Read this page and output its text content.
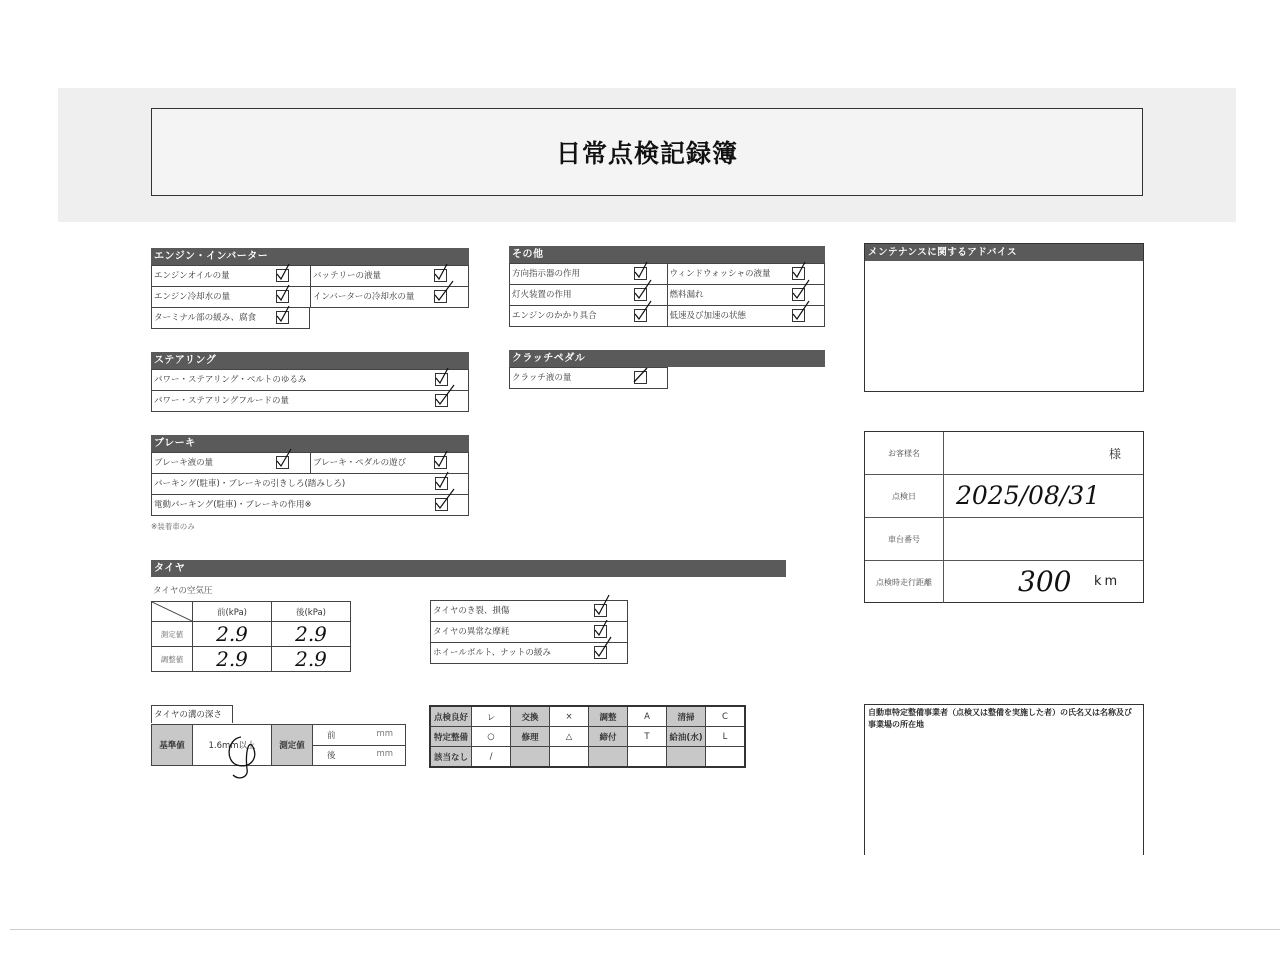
日常点検記録簿
エンジン・インバーター
エンジンオイルの量	バッテリーの液量
エンジン冷却水の量	インバーターの冷却水の量
ターミナル部の緩み、腐食
その他
方向指示器の作用	ウィンドウォッシャの液量
灯火装置の作用	燃料漏れ
エンジンのかかり具合	低速及び加速の状態
メンテナンスに関するアドバイス
ステアリング
パワー・ステアリング・ベルトのゆるみ
パワー・ステアリングフルードの量
クラッチペダル
クラッチ液の量
ブレーキ
ブレーキ液の量	ブレーキ・ペダルの遊び
パーキング(駐車)・ブレーキの引きしろ(踏みしろ)
電動パーキング(駐車)・ブレーキの作用※
※装着車のみ
お客様名	様
点検日	2025/08/31
車台番号
点検時走行距離	300 km
タイヤ
タイヤの空気圧
	前(kPa)	後(kPa)
測定値	2.9	2.9
調整値	2.9	2.9
タイヤのき裂、損傷
タイヤの異常な摩耗
ホイールボルト、ナットの緩み
タイヤの溝の深さ
基準値	1.6mm以上	測定値	前	mm

後	mm
点検良好	レ	交換	×	調整	A	清掃	C
特定整備	○	修理	△	締付	T	給油(水)	L
該当なし	/						
自動車特定整備事業者（点検又は整備を実施した者）の氏名又は名称及び
事業場の所在地
